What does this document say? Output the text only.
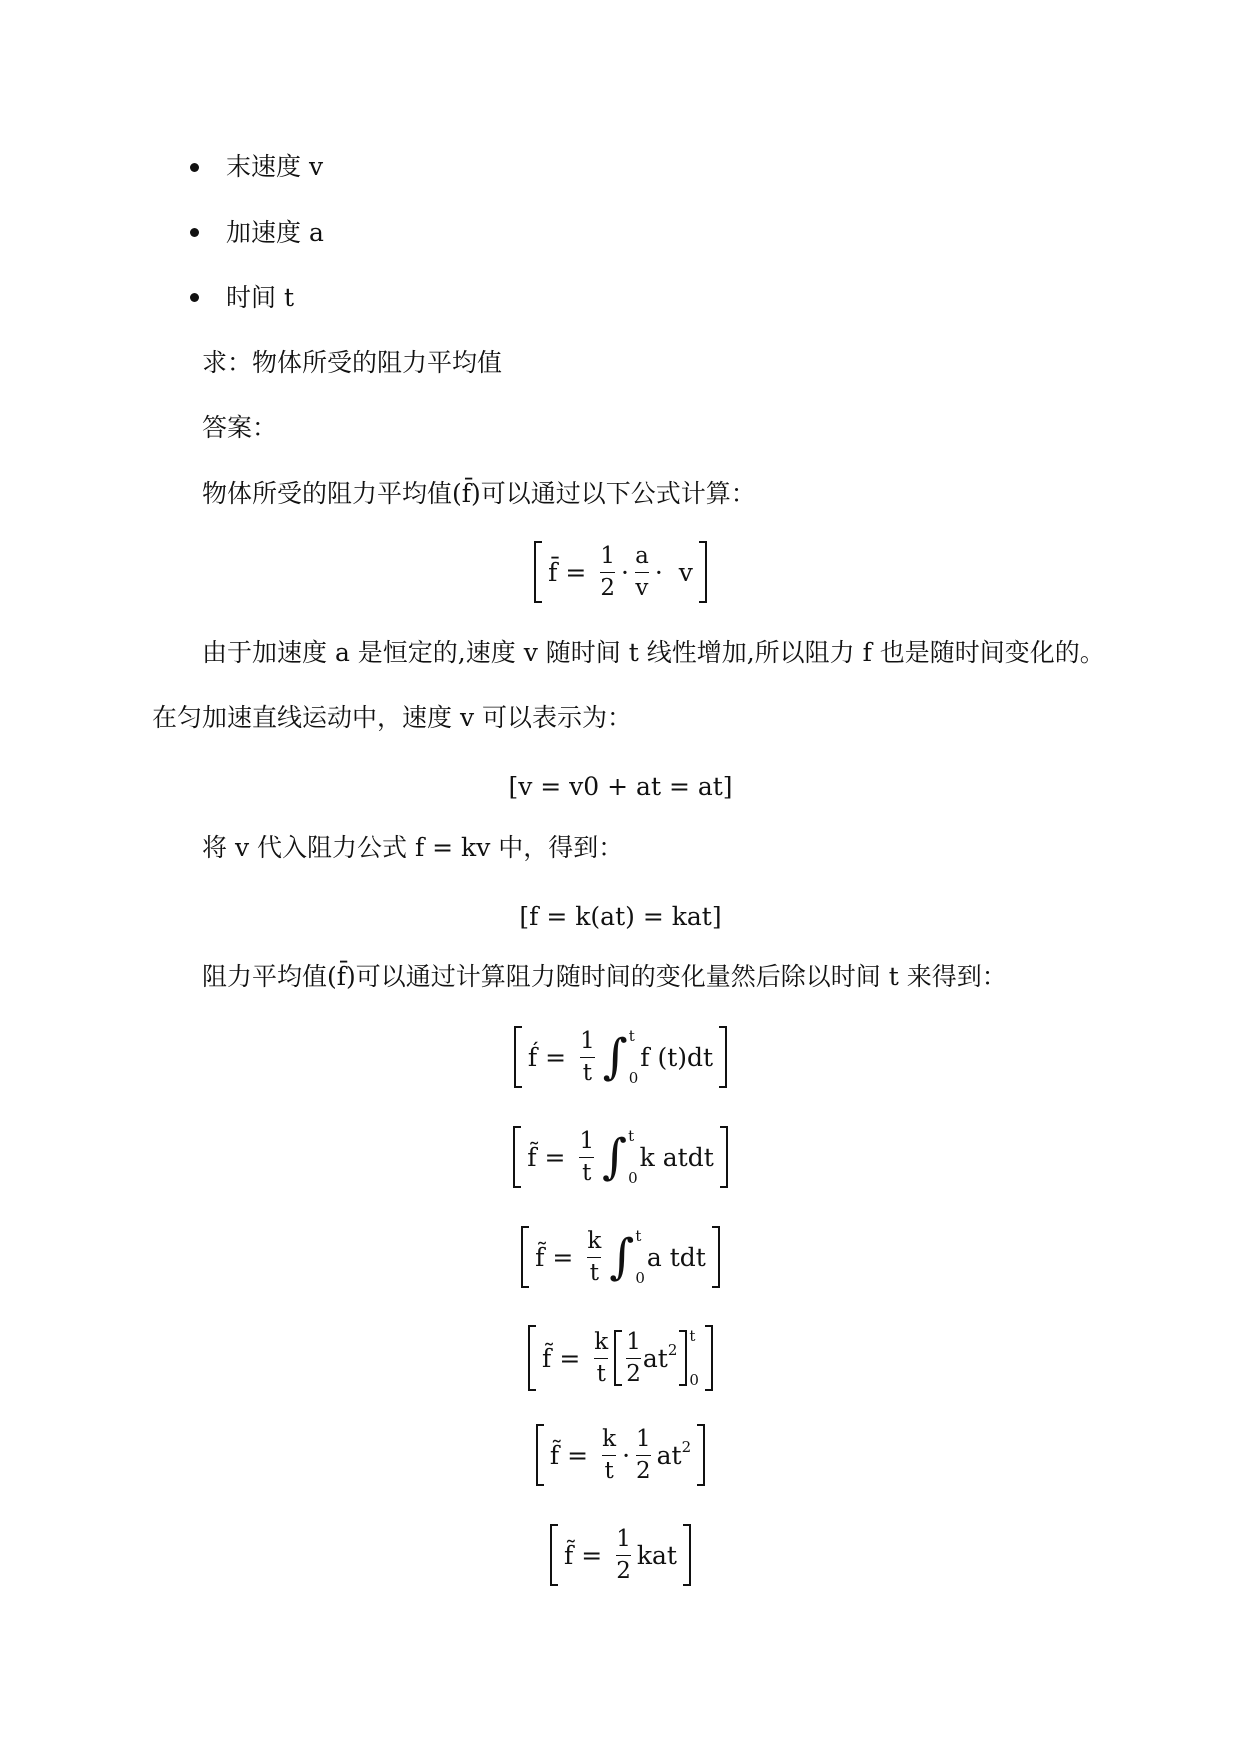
末速度 v
加速度 a
时间 t
求：物体所受的阻力平均值
答案：
物体所受的阻力平均值(f̄)可以通过以下公式计算：
f̄ = $\frac{1}{2} \cdot \frac{a}{v} \cdot v$
由于加速度 a 是恒定的,速度 v 随时间 t 线性增加,所以阻力 f 也是随时间变化的。
在匀加速直线运动中，速度 v 可以表示为：
[v = v0 + at = at]
将 v 代入阻力公式 f = kv 中，得到：
[f = k(at) = kat]
阻力平均值(f̄)可以通过计算阻力随时间的变化量然后除以时间 t 来得到：
f́ = $\frac{1}{t}$ ∫ t
0
f (t)dt
f̃ = $\frac{1}{t}$ ∫ t
0
k atdt
f̃ = $\frac{k}{t}$ ∫ t
0
a tdt
f̃ = $\frac{k}{t} \frac{1}{2}$ at 2
t
0
f̃ = $\frac{k}{t} \cdot \frac{1}{2}$ at 2
f̃ = $\frac{1}{2}$ kat
